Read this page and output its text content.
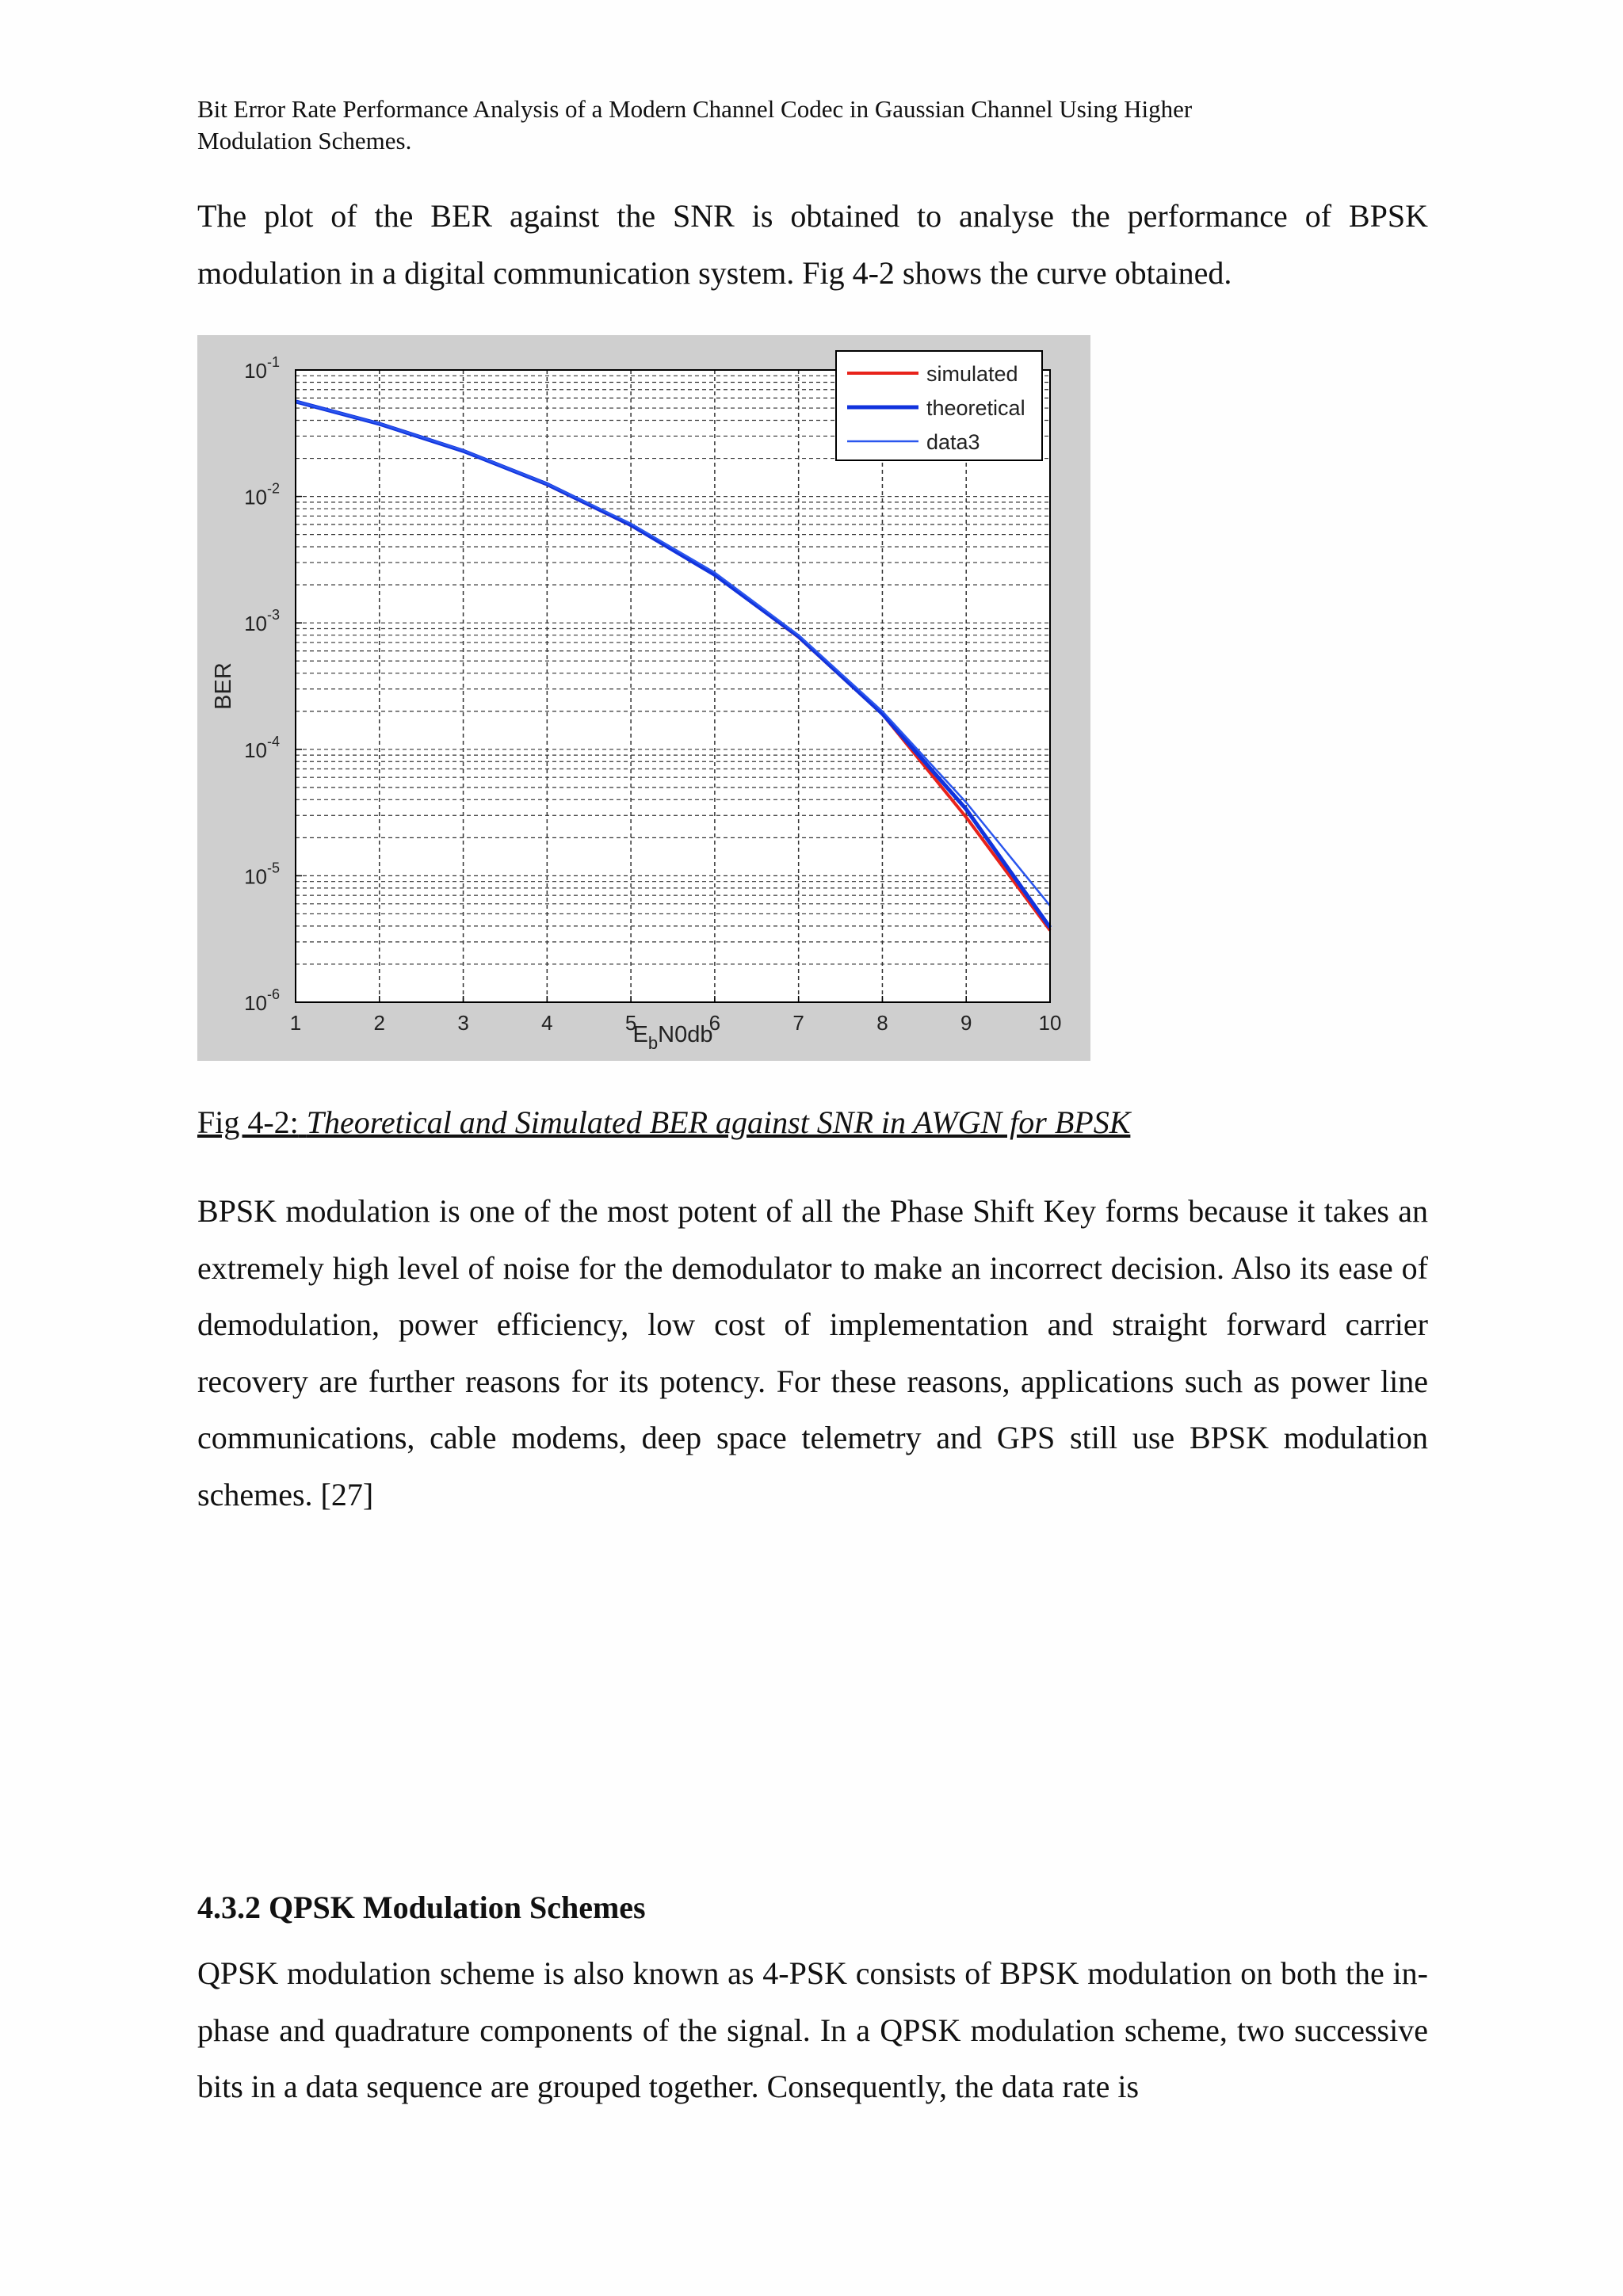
Bit Error Rate Performance Analysis of a Modern Channel Codec in Gaussian Channel Using Higher
Modulation Schemes.

The plot of the BER against the SNR is obtained to analyse the performance of BPSK modulation in a digital communication system. Fig 4-2 shows the curve obtained.

1	2	3	4	5	6	7	8	9	10
$10^{-1}$
$10^{-2}$
$10^{-3}$
$10^{-4}$
$10^{-5}$
$10^{-6}$
BER
$E_bN0db$
simulated
theoretical
data3
Fig 4-2: Theoretical and Simulated BER against SNR in AWGN for BPSK

BPSK modulation is one of the most potent of all the Phase Shift Key forms because it takes an extremely high level of noise for the demodulator to make an incorrect decision. Also its ease of demodulation, power efficiency, low cost of implementation and straight forward carrier recovery are further reasons for its potency. For these reasons, applications such as power line communications, cable modems, deep space telemetry and GPS still use BPSK modulation schemes. [27]

4.3.2 QPSK Modulation Schemes

QPSK modulation scheme is also known as 4-PSK consists of BPSK modulation on both the in-phase and quadrature components of the signal. In a QPSK modulation scheme, two successive bits in a data sequence are grouped together. Consequently, the data rate is
